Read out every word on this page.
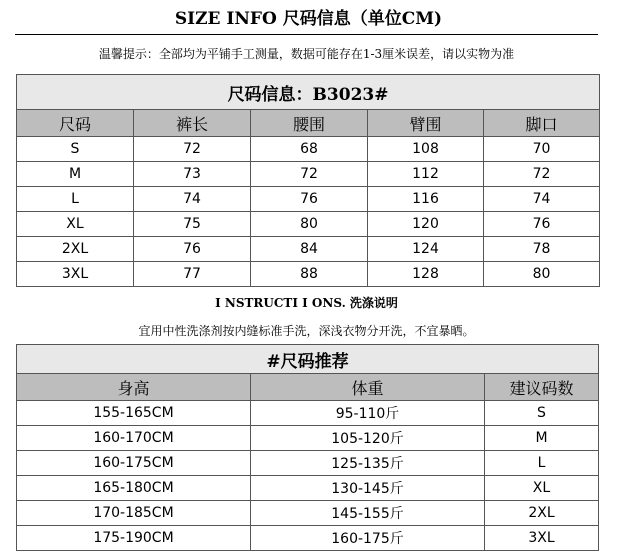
SIZE INFO 尺码信息（单位CM)
温馨提示：全部均为平铺手工测量，数据可能存在1-3厘米误差，请以实物为准
尺码信息：B3023#				
尺码	裤长	腰围	臂围	脚口
S	72	68	108	70
M	73	72	112	72
L	74	76	116	74
XL	75	80	120	76
2XL	76	84	124	78
3XL	77	88	128	80
I NSTRUCTI I ONS. 洗涤说明
宜用中性洗涤剂按内缝标准手洗，深浅衣物分开洗，不宜暴晒。
#尺码推荐		
身高	体重	建议码数
155-165CM	95-110斤	S
160-170CM	105-120斤	M
160-175CM	125-135斤	L
165-180CM	130-145斤	XL
170-185CM	145-155斤	2XL
175-190CM	160-175斤	3XL
